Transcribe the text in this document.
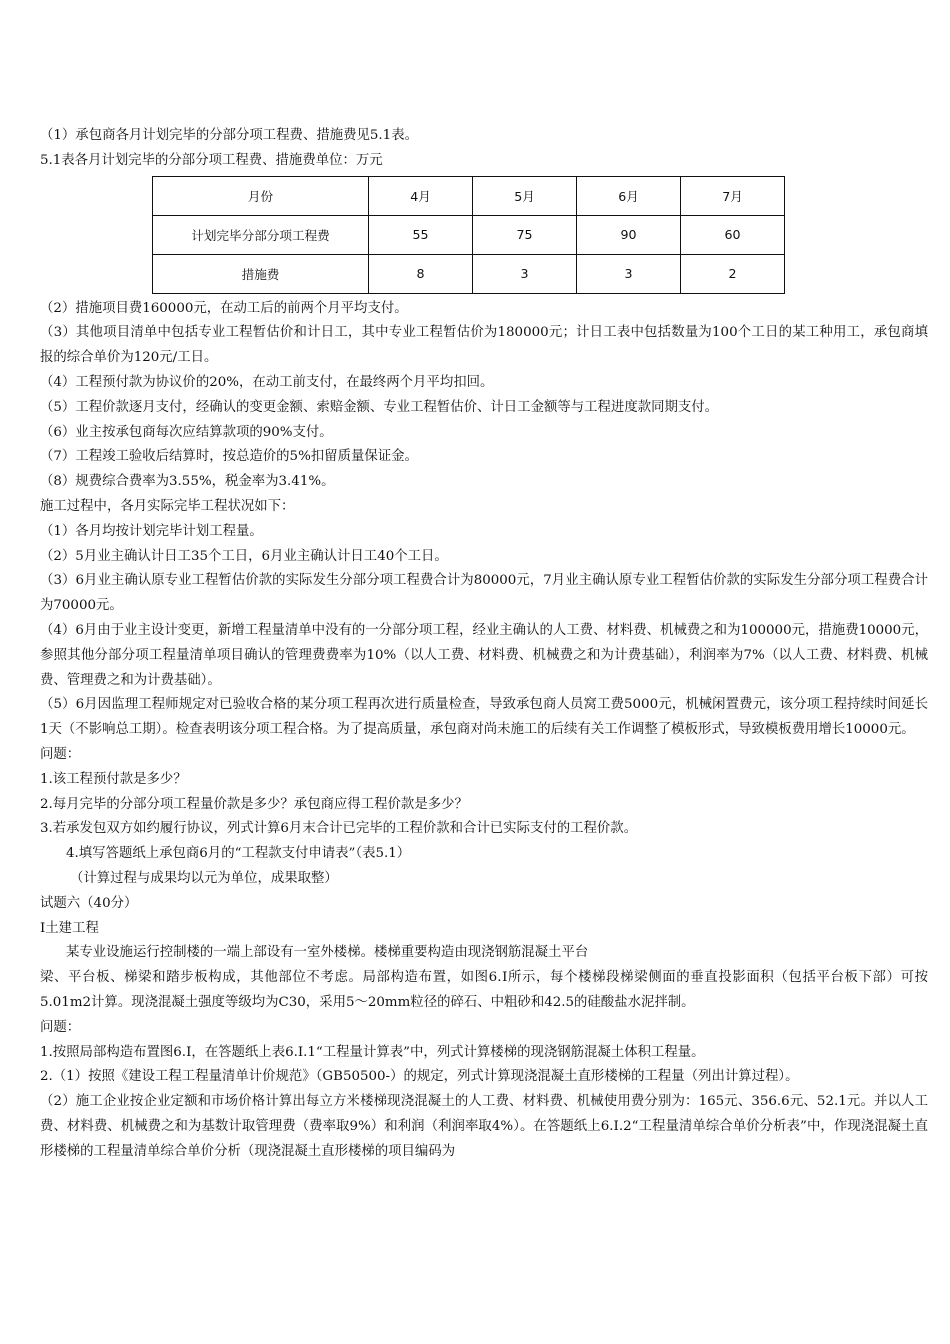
（1）承包商各月计划完毕的分部分项工程费、措施费见5.1表。

5.1表各月计划完毕的分部分项工程费、措施费单位：万元

月份	4月	5月	6月	7月
计划完毕分部分项工程费	55	75	90	60
措施费	8	3	3	2

（2）措施项目费160000元，在动工后的前两个月平均支付。

（3）其他项目清单中包括专业工程暂估价和计日工，其中专业工程暂估价为180000元；计日工表中包括数量为100个工日的某工种用工，承包商填报的综合单价为120元/工日。

（4）工程预付款为协议价的20%，在动工前支付，在最终两个月平均扣回。

（5）工程价款逐月支付，经确认的变更金额、索赔金额、专业工程暂估价、计日工金额等与工程进度款同期支付。

（6）业主按承包商每次应结算款项的90%支付。

（7）工程竣工验收后结算时，按总造价的5%扣留质量保证金。

（8）规费综合费率为3.55%，税金率为3.41%。

施工过程中，各月实际完毕工程状况如下：

（1）各月均按计划完毕计划工程量。

（2）5月业主确认计日工35个工日，6月业主确认计日工40个工日。

（3）6月业主确认原专业工程暂估价款的实际发生分部分项工程费合计为80000元，7月业主确认原专业工程暂估价款的实际发生分部分项工程费合计为70000元。

（4）6月由于业主设计变更，新增工程量清单中没有的一分部分项工程，经业主确认的人工费、材料费、机械费之和为100000元，措施费10000元，参照其他分部分项工程量清单项目确认的管理费费率为10%（以人工费、材料费、机械费之和为计费基础），利润率为7%（以人工费、材料费、机械费、管理费之和为计费基础）。

（5）6月因监理工程师规定对已验收合格的某分项工程再次进行质量检查，导致承包商人员窝工费5000元，机械闲置费元，该分项工程持续时间延长1天（不影响总工期）。检查表明该分项工程合格。为了提高质量，承包商对尚未施工的后续有关工作调整了模板形式，导致模板费用增长10000元。

问题：

1.该工程预付款是多少？

2.每月完毕的分部分项工程量价款是多少？承包商应得工程价款是多少？

3.若承发包双方如约履行协议，列式计算6月末合计已完毕的工程价款和合计已实际支付的工程价款。

4.填写答题纸上承包商6月的“工程款支付申请表”（表5.1）

（计算过程与成果均以元为单位，成果取整）

试题六（40分）

Ⅰ土建工程

某专业设施运行控制楼的一端上部设有一室外楼梯。楼梯重要构造由现浇钢筋混凝土平台

梁、平台板、梯梁和踏步板构成，其他部位不考虑。局部构造布置，如图6.Ⅰ所示，每个楼梯段梯梁侧面的垂直投影面积（包括平台板下部）可按5.01m2计算。现浇混凝土强度等级均为C30，采用5～20mm粒径的碎石、中粗砂和42.5的硅酸盐水泥拌制。

问题：

1.按照局部构造布置图6.Ⅰ，在答题纸上表6.Ⅰ.1“工程量计算表”中，列式计算楼梯的现浇钢筋混凝土体积工程量。

2.（1）按照《建设工程工程量清单计价规范》（GB50500-）的规定，列式计算现浇混凝土直形楼梯的工程量（列出计算过程）。

（2）施工企业按企业定额和市场价格计算出每立方米楼梯现浇混凝土的人工费、材料费、机械使用费分别为：165元、356.6元、52.1元。并以人工费、材料费、机械费之和为基数计取管理费（费率取9%）和利润（利润率取4%）。在答题纸上6.Ⅰ.2“工程量清单综合单价分析表”中，作现浇混凝土直形楼梯的工程量清单综合单价分析（现浇混凝土直形楼梯的项目编码为
